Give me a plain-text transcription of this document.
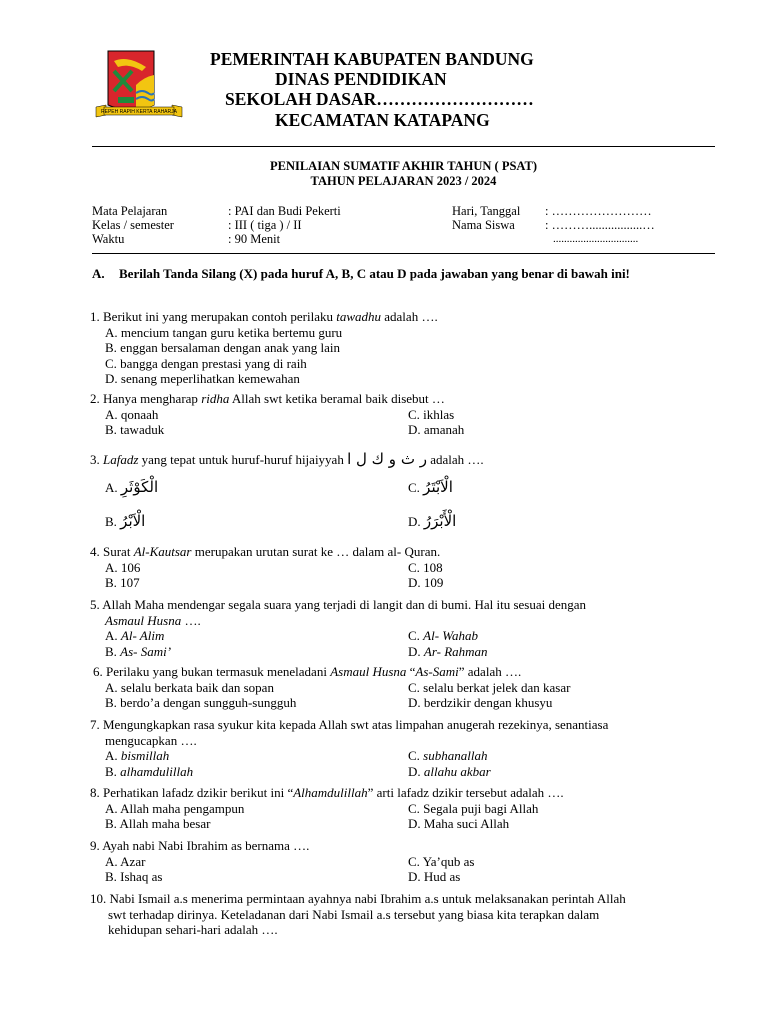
REPEH RAPIH KERTA RAHARJA
PEMERINTAH KABUPATEN BANDUNG
DINAS PENDIDIKAN
SEKOLAH DASAR………………………
KECAMATAN KATAPANG
PENILAIAN SUMATIF AKHIR TAHUN ( PSAT)
TAHUN PELAJARAN 2023 / 2024
Mata Pelajaran	: PAI dan Budi Pekerti
Kelas / semester	: III ( tiga ) / II
Waktu	: 90 Menit
Hari, Tanggal : ……………………
Nama Siswa : ……….................…
...............................
A. Berilah Tanda Silang (X) pada huruf A, B, C atau D pada jawaban yang benar di bawah ini!
1. Berikut ini yang merupakan contoh perilaku tawadhu adalah ….
A. mencium tangan guru ketika bertemu guru
B. enggan bersalaman dengan anak yang lain
C. bangga dengan prestasi yang di raih
D. senang meperlihatkan kemewahan
2. Hanya mengharap ridha Allah swt ketika beramal baik disebut …
A. qonaah	C. ikhlas
B. tawaduk	D. amanah
3. Lafadz yang tepat untuk huruf-huruf hijaiyyah ر ث و ك ل ا adalah ….
A. الْكَوْثَرِ	C. الْاَبْتَرُ
B. الْاَبْرُ	D. الْأَبْرَرُ
4. Surat Al-Kautsar merupakan urutan surat ke … dalam al- Quran.
A. 106	C. 108
B. 107	D. 109
5. Allah Maha mendengar segala suara yang terjadi di langit dan di bumi. Hal itu sesuai dengan
Asmaul Husna ….
A. Al- Alim	C. Al- Wahab
B. As- Sami’	D. Ar- Rahman
6. Perilaku yang bukan termasuk meneladani Asmaul Husna “As-Sami” adalah ….
A. selalu berkata baik dan sopan	C. selalu berkat jelek dan kasar
B. berdo’a dengan sungguh-sungguh	D. berdzikir dengan khusyu
7. Mengungkapkan rasa syukur kita kepada Allah swt atas limpahan anugerah rezekinya, senantiasa
mengucapkan ….
A. bismillah	C. subhanallah
B. alhamdulillah	D. allahu akbar
8. Perhatikan lafadz dzikir berikut ini “Alhamdulillah” arti lafadz dzikir tersebut adalah ….
A. Allah maha pengampun	C. Segala puji bagi Allah
B. Allah maha besar	D. Maha suci Allah
9. Ayah nabi Nabi Ibrahim as bernama ….
A. Azar	C. Ya’qub as
B. Ishaq as	D. Hud as
10. Nabi Ismail a.s menerima permintaan ayahnya nabi Ibrahim a.s untuk melaksanakan perintah Allah
swt terhadap dirinya. Keteladanan dari Nabi Ismail a.s tersebut yang biasa kita terapkan dalam
kehidupan sehari-hari adalah ….
